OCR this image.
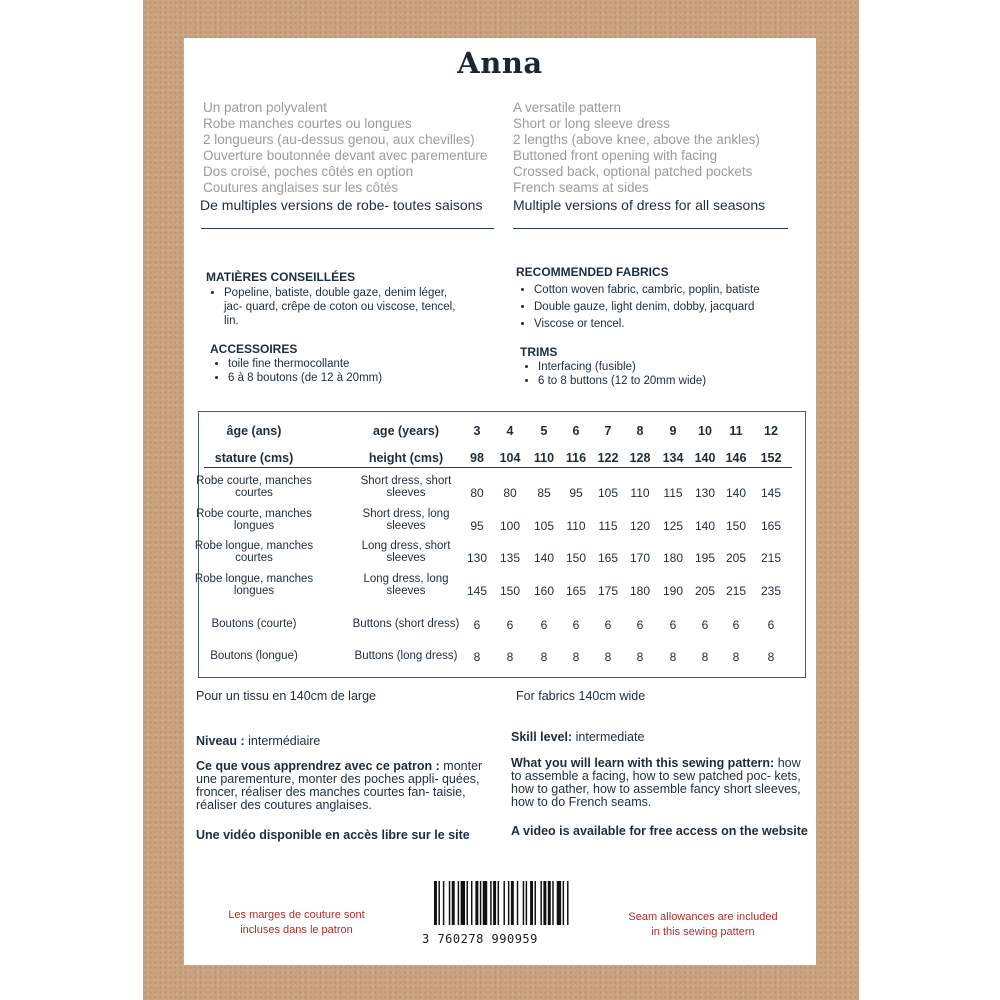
Anna
Un patron polyvalent
Robe manches courtes ou longues
2 longueurs (au-dessus genou, aux chevilles)
Ouverture boutonnée devant avec parementure
Dos croisé, poches côtés en option
Coutures anglaises sur les côtés
De multiples versions de robe- toutes saisons
A versatile pattern
Short or long sleeve dress
2 lengths (above knee, above the ankles)
Buttoned front opening with facing
Crossed back, optional patched pockets
French seams at sides
Multiple versions of dress for all seasons
MATIÈRES CONSEILLÉES
• Popeline, batiste, double gaze, denim léger, jac- quard, crêpe de coton ou viscose, tencel, lin.
RECOMMENDED FABRICS
• Cotton woven fabric, cambric, poplin, batiste
• Double gauze, light denim, dobby, jacquard
• Viscose or tencel.
ACCESSOIRES
• toile fine thermocollante
• 6 à 8 boutons (de 12 à 20mm)
TRIMS
• Interfacing (fusible)
• 6 to 8 buttons (12 to 20mm wide)
âge (ans)	age (years)	3	4	5	6	7	8	9	10	11	12
stature (cms)	height (cms)	98	104	110 116 122 128 134 140 146	152
Robe courte, manches
courtes
Short dress, short
sleeves	80	80	85	95	105	110	115	130 140	145
Robe courte, manches
longues
Short dress, long
sleeves	95	100	105	110	115	120	125 140 150	165
Robe longue, manches
courtes
Long dress, short
sleeves	130	135	140 150 165 170	180 195 205	215
Robe longue, manches
longues
Long dress, long
sleeves	145	150	160 165 175 180	190 205 215	235
Boutons (courte)	Buttons (short dress)	6	6	6	6	6	6	6	6	6	6
Boutons (longue)	Buttons (long dress)	8	8	8	8	8	8	8	8	8	8
Pour un tissu en 140cm de large	For fabrics 140cm wide
Niveau : intermédiaire	Skill level: intermediate
Ce que vous apprendrez avec ce patron : monter une parementure, monter des poches appli- quées, froncer, réaliser des manches courtes fan- taisie, réaliser des coutures anglaises.
What you will learn with this sewing pattern: how to assemble a facing, how to sew patched poc- kets, how to gather, how to assemble fancy short sleeves, how to do French seams.
Une vidéo disponible en accès libre sur le site	A video is available for free access on the website
Les marges de couture sont
incluses dans le patron
Seam allowances are included
in this sewing pattern
3 760278 990959
